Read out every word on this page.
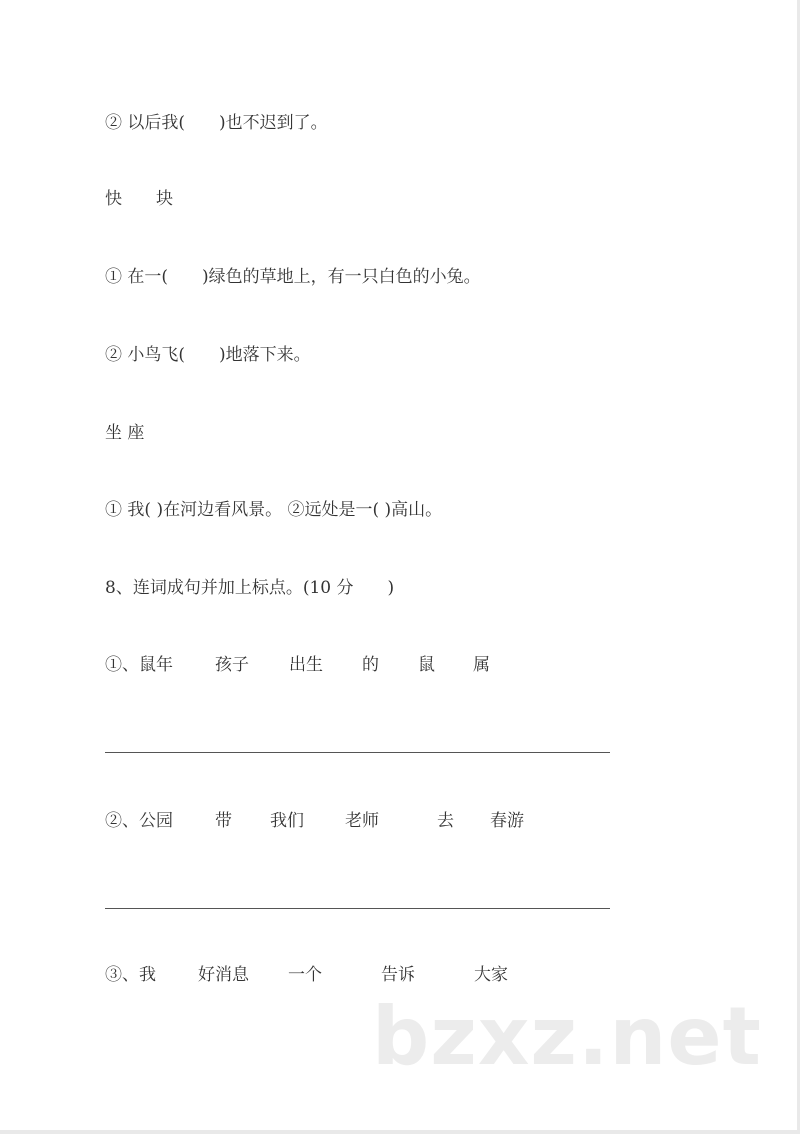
② 以后我(　　)也不迟到了。
快　　块
① 在一(　　)绿色的草地上，有一只白色的小兔。
② 小鸟飞(　　)地落下来。
坐 座
① 我( )在河边看风景。 ②远处是一( )高山。
8、连词成句并加上标点。(10 分　　)
①、鼠年 孩子 出生 的 鼠 属
②、公园 带 我们 老师	去 春游
③、我 好消息 一个	告诉	大家
bzxz.net
